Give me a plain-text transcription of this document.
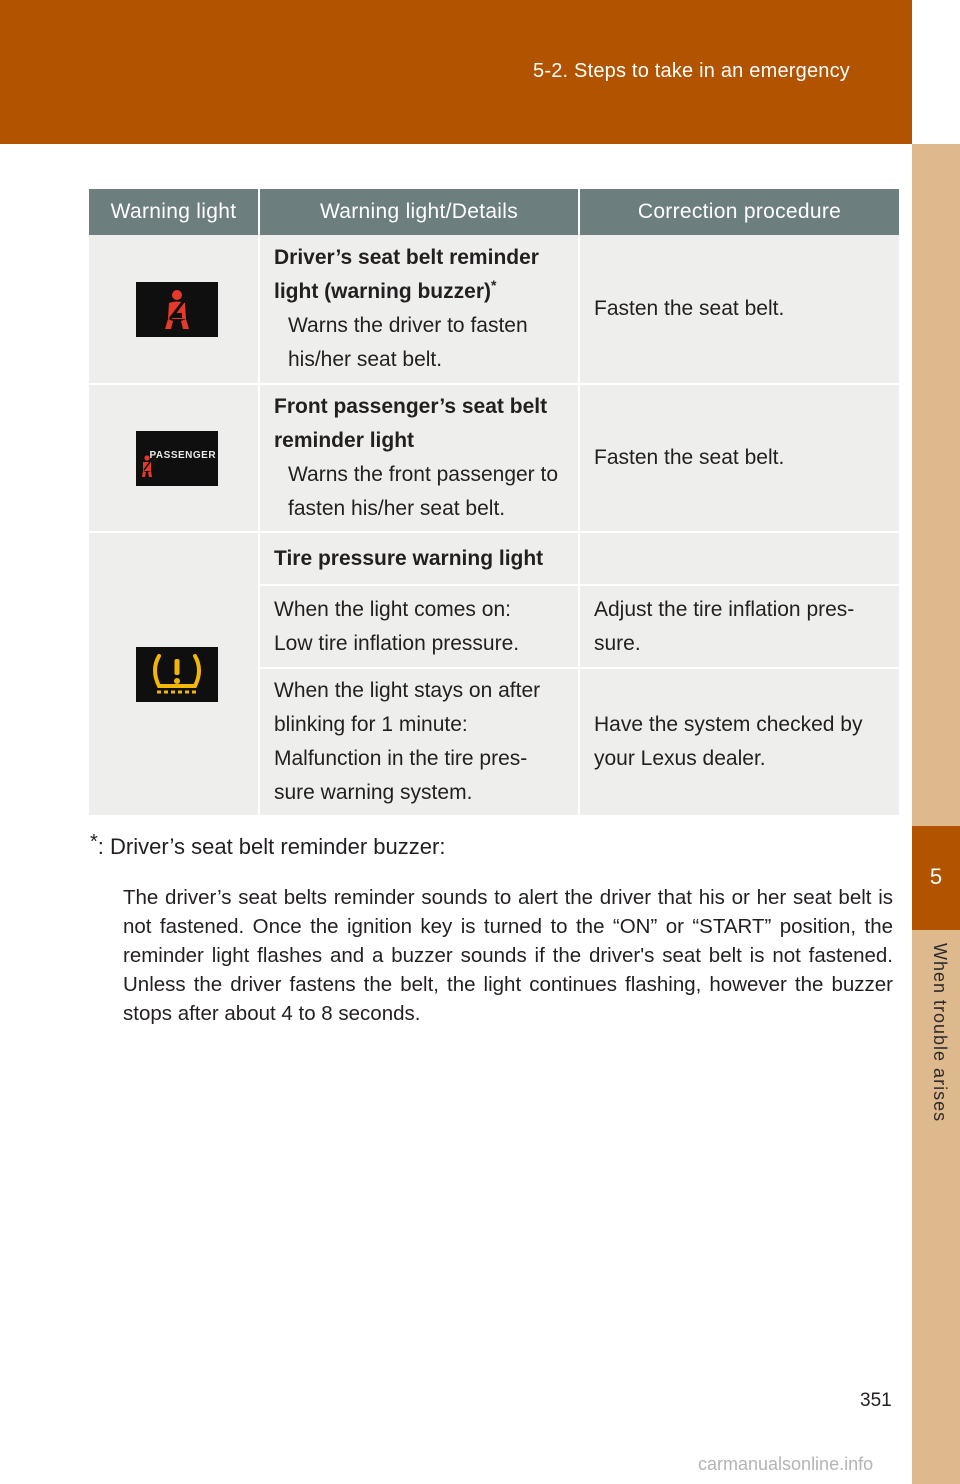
5-2. Steps to take in an emergency
5
When trouble arises
Warning light	Warning light/Details	Correction procedure

	Driver’s seat belt reminder
light (warning buzzer)*

Warns the driver to fasten
his/her seat belt.	Fasten the seat belt.

PASSENGER	Front passenger’s seat belt
reminder light

Warns the front passenger to
fasten his/her seat belt.	Fasten the seat belt.

	Tire pressure warning light	
	When the light comes on:
Low tire inflation pressure.	Adjust the tire inflation pres-
sure.
	When the light stays on after
blinking for 1 minute:
Malfunction in the tire pres-
sure warning system.	Have the system checked by
your Lexus dealer.
*: Driver’s seat belt reminder buzzer:

The driver’s seat belts reminder sounds to alert the driver that his or her seat belt is not fastened. Once the ignition key is turned to the “ON” or “START” position, the reminder light flashes and a buzzer sounds if the driver's seat belt is not fastened. Unless the driver fastens the belt, the light continues flashing, however the buzzer stops after about 4 to 8 seconds.

351
carmanualsonline.info
